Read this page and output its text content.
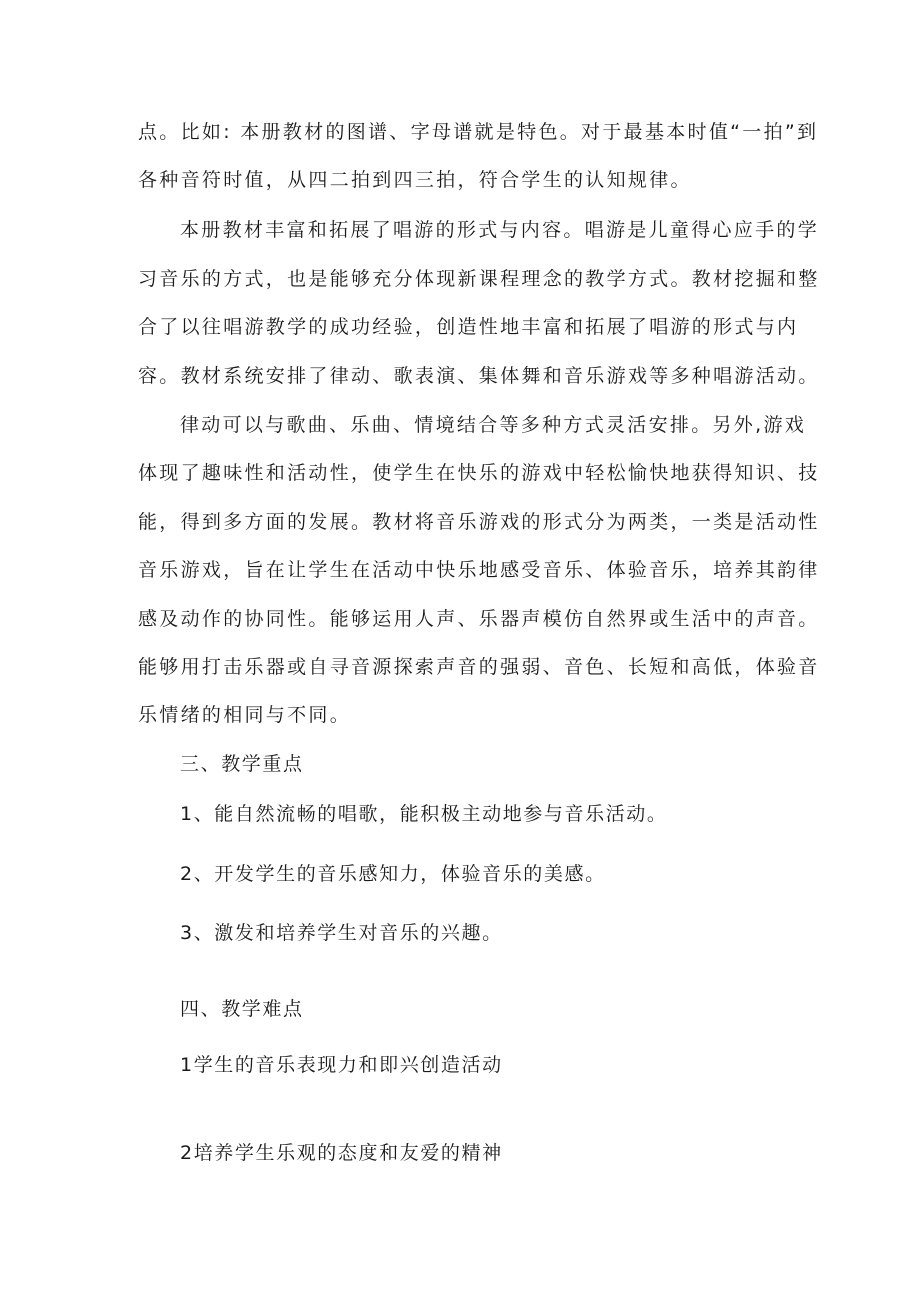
点。比如: 本册教材的图谱、字母谱就是特色。对于最基本时值“一拍”到
各种音符时值，从四二拍到四三拍，符合学生的认知规律。
本册教材丰富和拓展了唱游的形式与内容。唱游是儿童得心应手的学
习音乐的方式，也是能够充分体现新课程理念的教学方式。教材挖掘和整
合了以往唱游教学的成功经验，创造性地丰富和拓展了唱游的形式与内
容。教材系统安排了律动、歌表演、集体舞和音乐游戏等多种唱游活动。
律动可以与歌曲、乐曲、情境结合等多种方式灵活安排。另外,游戏
体现了趣味性和活动性，使学生在快乐的游戏中轻松愉快地获得知识、技
能，得到多方面的发展。教材将音乐游戏的形式分为两类，一类是活动性
音乐游戏，旨在让学生在活动中快乐地感受音乐、体验音乐，培养其韵律
感及动作的协同性。能够运用人声、乐器声模仿自然界或生活中的声音。
能够用打击乐器或自寻音源探索声音的强弱、音色、长短和高低，体验音
乐情绪的相同与不同。
三、教学重点
1、能自然流畅的唱歌，能积极主动地参与音乐活动。
2、开发学生的音乐感知力，体验音乐的美感。
3、激发和培养学生对音乐的兴趣。
四、教学难点
1学生的音乐表现力和即兴创造活动
2培养学生乐观的态度和友爱的精神
